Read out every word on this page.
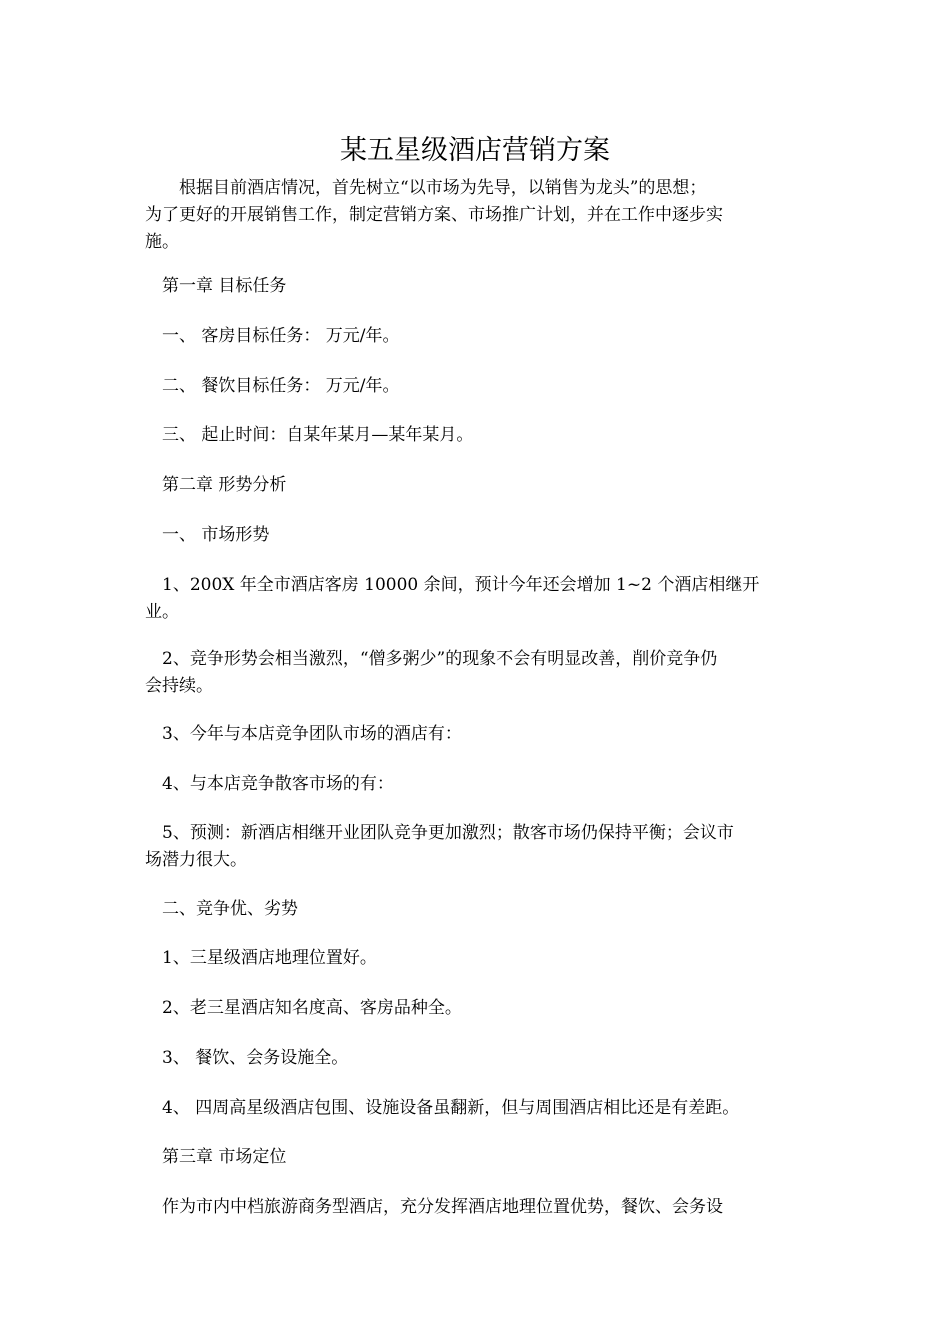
某五星级酒店营销方案
　　根据目前酒店情况，首先树立“以市场为先导，以销售为龙头”的思想；
为了更好的开展销售工作，制定营销方案、市场推广计划，并在工作中逐步实
施。
　第一章 目标任务
　一、 客房目标任务： 万元/年。
　二、 餐饮目标任务： 万元/年。
　三、 起止时间：自某年某月—某年某月。
　第二章 形势分析
　一、 市场形势
　1、200X 年全市酒店客房 10000 余间，预计今年还会增加 1~2 个酒店相继开
业。
　2、竞争形势会相当激烈，“僧多粥少”的现象不会有明显改善，削价竞争仍
会持续。
　3、今年与本店竞争团队市场的酒店有：
　4、与本店竞争散客市场的有：
　5、预测：新酒店相继开业团队竞争更加激烈；散客市场仍保持平衡；会议市
场潜力很大。
　二、竞争优、劣势
　1、三星级酒店地理位置好。
　2、老三星酒店知名度高、客房品种全。
　3、 餐饮、会务设施全。
　4、 四周高星级酒店包围、设施设备虽翻新，但与周围酒店相比还是有差距。
　第三章 市场定位
　作为市内中档旅游商务型酒店，充分发挥酒店地理位置优势，餐饮、会务设
